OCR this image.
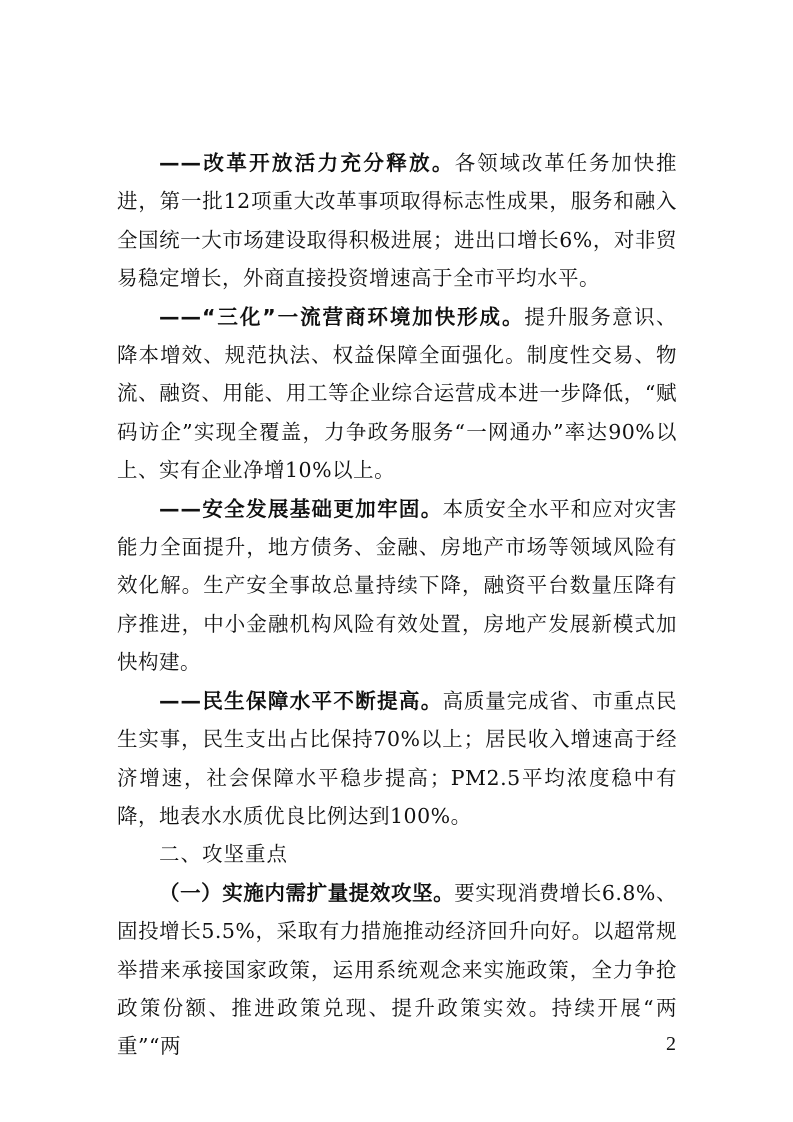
——改革开放活力充分释放。各领域改革任务加快推进，第一批12项重大改革事项取得标志性成果，服务和融入全国统一大市场建设取得积极进展；进出口增长6%，对非贸易稳定增长，外商直接投资增速高于全市平均水平。

——“三化”一流营商环境加快形成。提升服务意识、降本增效、规范执法、权益保障全面强化。制度性交易、物流、融资、用能、用工等企业综合运营成本进一步降低，“赋码访企”实现全覆盖，力争政务服务“一网通办”率达90%以上、实有企业净增10%以上。

——安全发展基础更加牢固。本质安全水平和应对灾害能力全面提升，地方债务、金融、房地产市场等领域风险有效化解。生产安全事故总量持续下降，融资平台数量压降有序推进，中小金融机构风险有效处置，房地产发展新模式加快构建。

——民生保障水平不断提高。高质量完成省、市重点民生实事，民生支出占比保持70%以上；居民收入增速高于经济增速，社会保障水平稳步提高；PM2.5平均浓度稳中有降，地表水水质优良比例达到100%。

二、攻坚重点

（一）实施内需扩量提效攻坚。要实现消费增长6.8%、固投增长5.5%，采取有力措施推动经济回升向好。以超常规举措来承接国家政策，运用系统观念来实施政策，全力争抢政策份额、推进政策兑现、提升政策实效。持续开展“两重”“两	2
